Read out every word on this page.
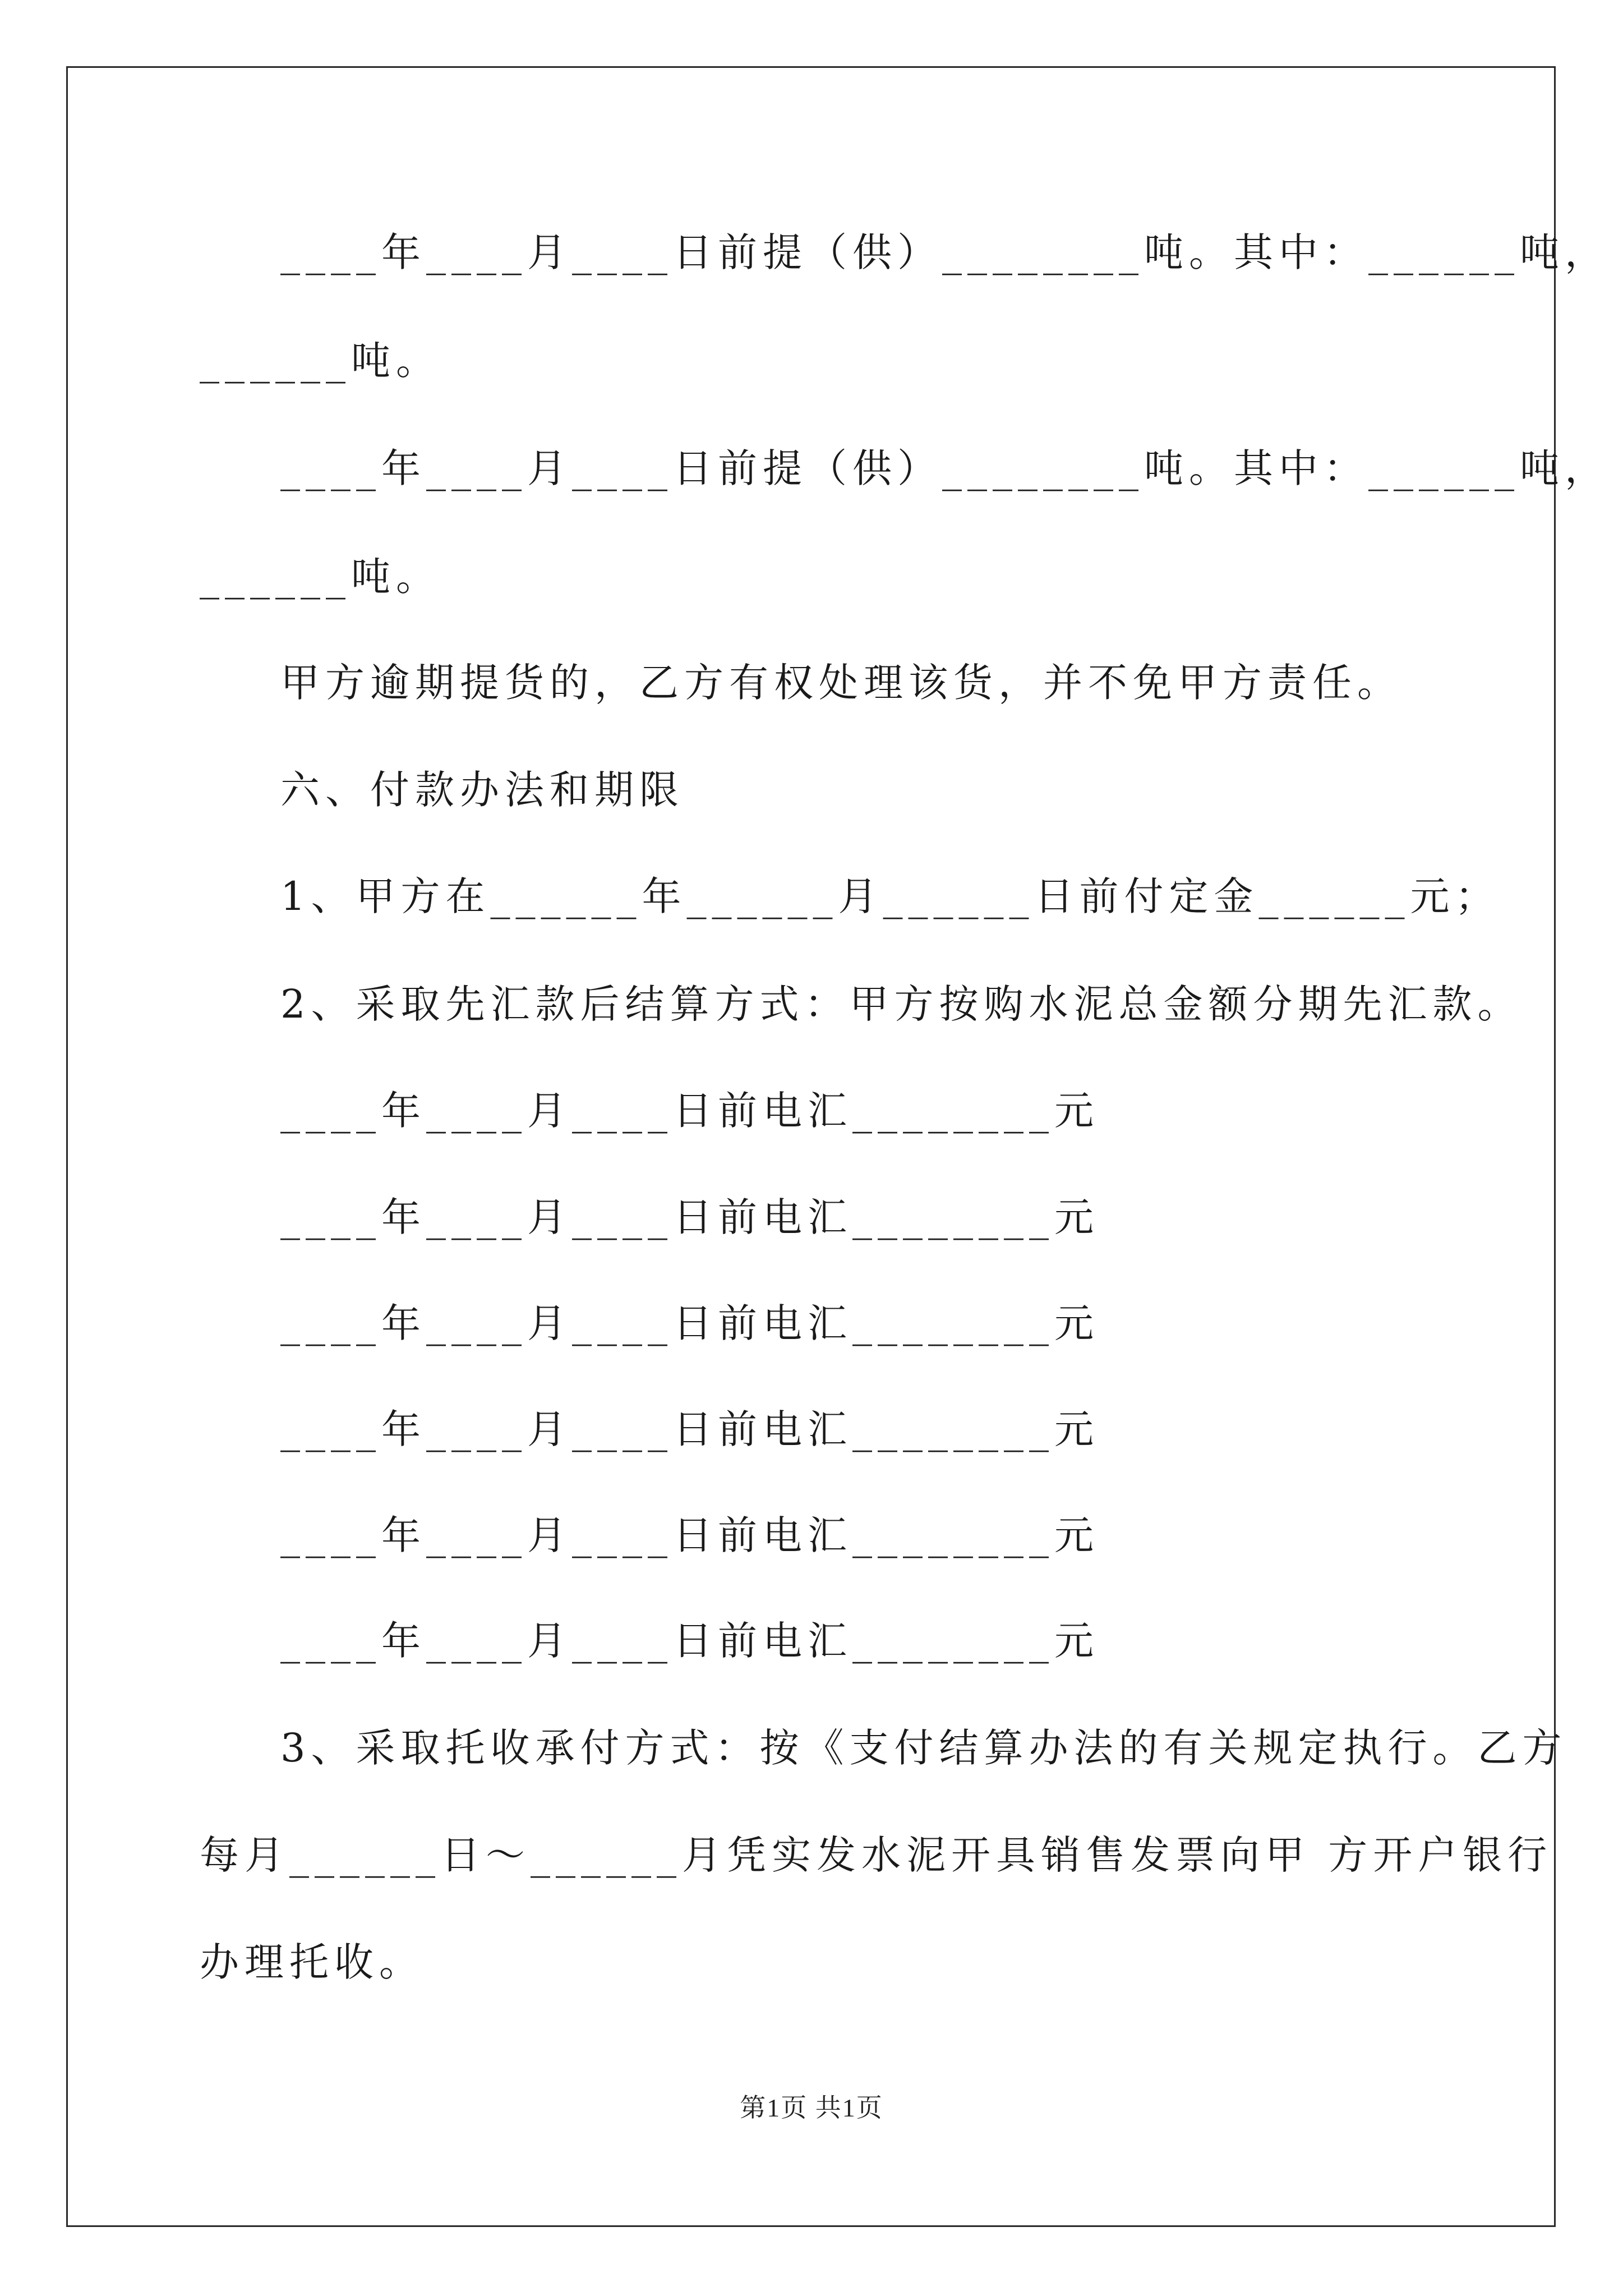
____年____月____日前提（供）________吨。其中：______吨，
______吨。
____年____月____日前提（供）________吨。其中：______吨，
______吨。
甲方逾期提货的，乙方有权处理该货，并不免甲方责任。
六、付款办法和期限
1、甲方在______年______月______日前付定金______元；
2、采取先汇款后结算方式：甲方按购水泥总金额分期先汇款。
____年____月____日前电汇________元
____年____月____日前电汇________元
____年____月____日前电汇________元
____年____月____日前电汇________元
____年____月____日前电汇________元
____年____月____日前电汇________元
3、采取托收承付方式：按《支付结算办法的有关规定执行。乙方
每月______日～______月凭实发水泥开具销售发票向甲 方开户银行
办理托收。
第1页 共1页
